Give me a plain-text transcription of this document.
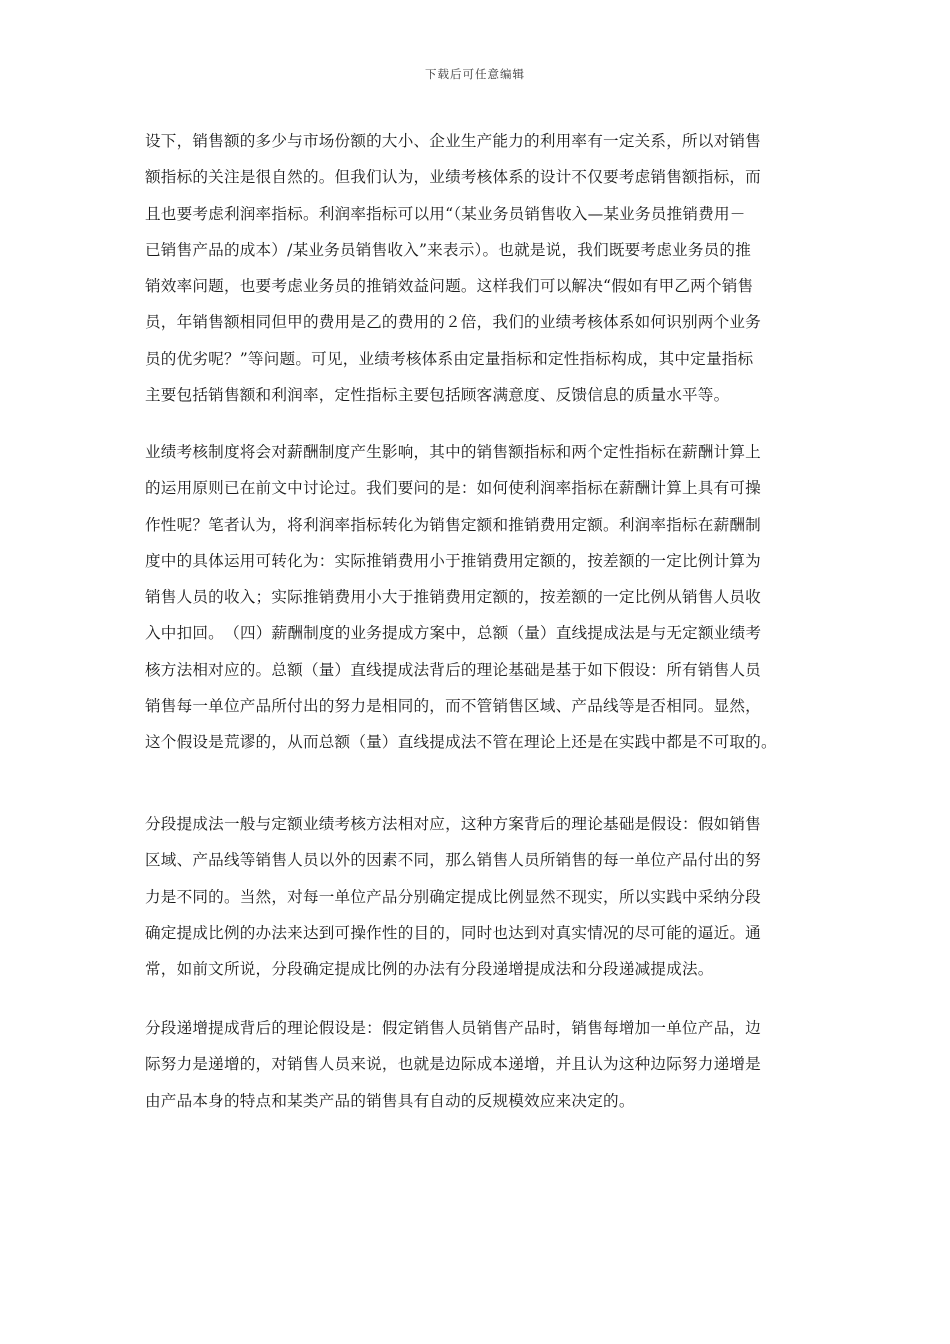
下载后可任意编辑

设下，销售额的多少与市场份额的大小、企业生产能力的利用率有一定关系，所以对销售
额指标的关注是很自然的。但我们认为，业绩考核体系的设计不仅要考虑销售额指标，而
且也要考虑利润率指标。利润率指标可以用“（某业务员销售收入—某业务员推销费用－
已销售产品的成本）/某业务员销售收入”来表示）。也就是说，我们既要考虑业务员的推
销效率问题，也要考虑业务员的推销效益问题。这样我们可以解决“假如有甲乙两个销售
员，年销售额相同但甲的费用是乙的费用的２倍，我们的业绩考核体系如何识别两个业务
员的优劣呢？”等问题。可见，业绩考核体系由定量指标和定性指标构成，其中定量指标
主要包括销售额和利润率，定性指标主要包括顾客满意度、反馈信息的质量水平等。

业绩考核制度将会对薪酬制度产生影响，其中的销售额指标和两个定性指标在薪酬计算上
的运用原则已在前文中讨论过。我们要问的是：如何使利润率指标在薪酬计算上具有可操
作性呢？笔者认为，将利润率指标转化为销售定额和推销费用定额。利润率指标在薪酬制
度中的具体运用可转化为：实际推销费用小于推销费用定额的，按差额的一定比例计算为
销售人员的收入；实际推销费用小大于推销费用定额的，按差额的一定比例从销售人员收
入中扣回。　（四）薪酬制度的业务提成方案中，总额（量）直线提成法是与无定额业绩考
核方法相对应的。总额（量）直线提成法背后的理论基础是基于如下假设：所有销售人员
销售每一单位产品所付出的努力是相同的，而不管销售区域、产品线等是否相同。显然，
这个假设是荒谬的，从而总额（量）直线提成法不管在理论上还是在实践中都是不可取的。

分段提成法一般与定额业绩考核方法相对应，这种方案背后的理论基础是假设：假如销售
区域、产品线等销售人员以外的因素不同，那么销售人员所销售的每一单位产品付出的努
力是不同的。当然，对每一单位产品分别确定提成比例显然不现实，所以实践中采纳分段
确定提成比例的办法来达到可操作性的目的，同时也达到对真实情况的尽可能的逼近。通
常，如前文所说，分段确定提成比例的办法有分段递增提成法和分段递减提成法。

分段递增提成背后的理论假设是：假定销售人员销售产品时，销售每增加一单位产品，边
际努力是递增的，对销售人员来说，也就是边际成本递增，并且认为这种边际努力递增是
由产品本身的特点和某类产品的销售具有自动的反规模效应来决定的。
